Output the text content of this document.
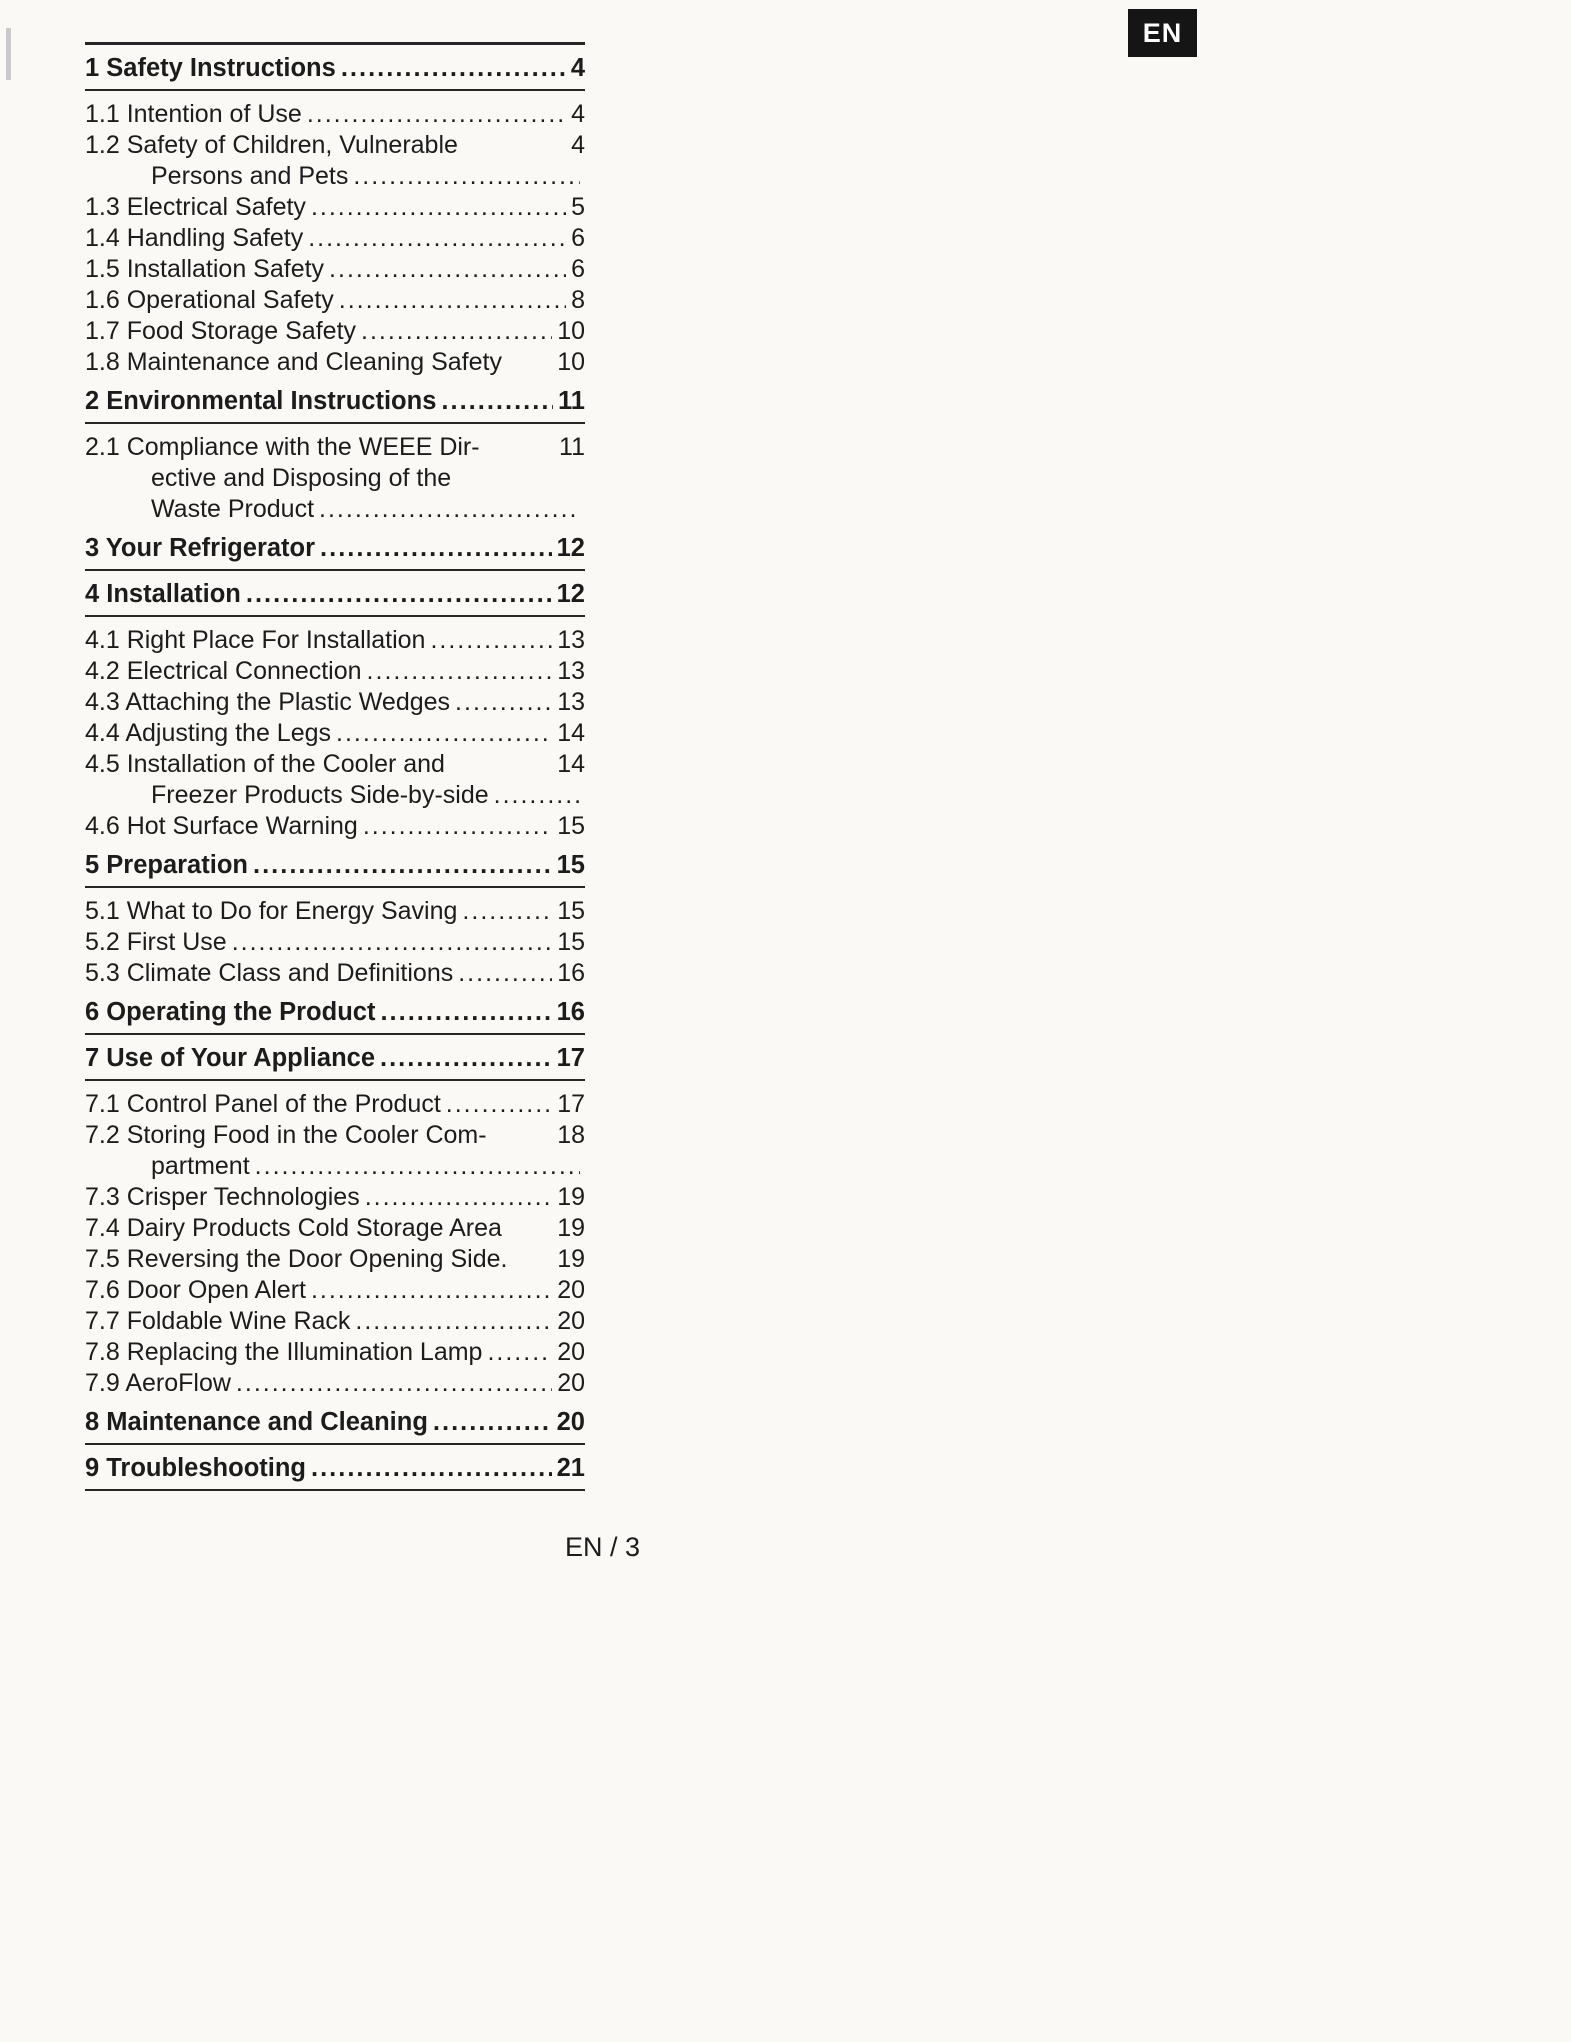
EN
1 Safety Instructions .....	4
1.1 Intention of Use .....	4
1.2 Safety of Children, Vulnerable	4
Persons and Pets
.....
1.3 Electrical Safety .....	5
1.4 Handling Safety .....	6
1.5 Installation Safety .....	6
1.6 Operational Safety .....	8
1.7 Food Storage Safety .....	10
1.8 Maintenance and Cleaning Safety 10
2 Environmental Instructions .....	11
2.1 Compliance with the WEEE Dir-	11
ective and Disposing of the
Waste Product
.....
3 Your Refrigerator .....	12
4 Installation .....	12
4.1 Right Place For Installation .....	13
4.2 Electrical Connection .....	13
4.3 Attaching the Plastic Wedges .....	13
4.4 Adjusting the Legs .....	14
4.5 Installation of the Cooler and	14
Freezer Products Side-by-side
.....
4.6 Hot Surface Warning .....	15
5 Preparation .....	15
5.1 What to Do for Energy Saving .....	15
5.2 First Use .....	15
5.3 Climate Class and Definitions .....	16
6 Operating the Product .....	16
7 Use of Your Appliance .....	17
7.1 Control Panel of the Product .....	17
7.2 Storing Food in the Cooler Com-	18
partment
.....
7.3 Crisper Technologies .....	19
7.4 Dairy Products Cold Storage Area 19
7.5 Reversing the Door Opening Side. 19
7.6 Door Open Alert .....	20
7.7 Foldable Wine Rack .....	20
7.8 Replacing the Illumination Lamp .....	20
7.9 AeroFlow .....	20
8 Maintenance and Cleaning .....	20
9 Troubleshooting .....	21
EN / 3
